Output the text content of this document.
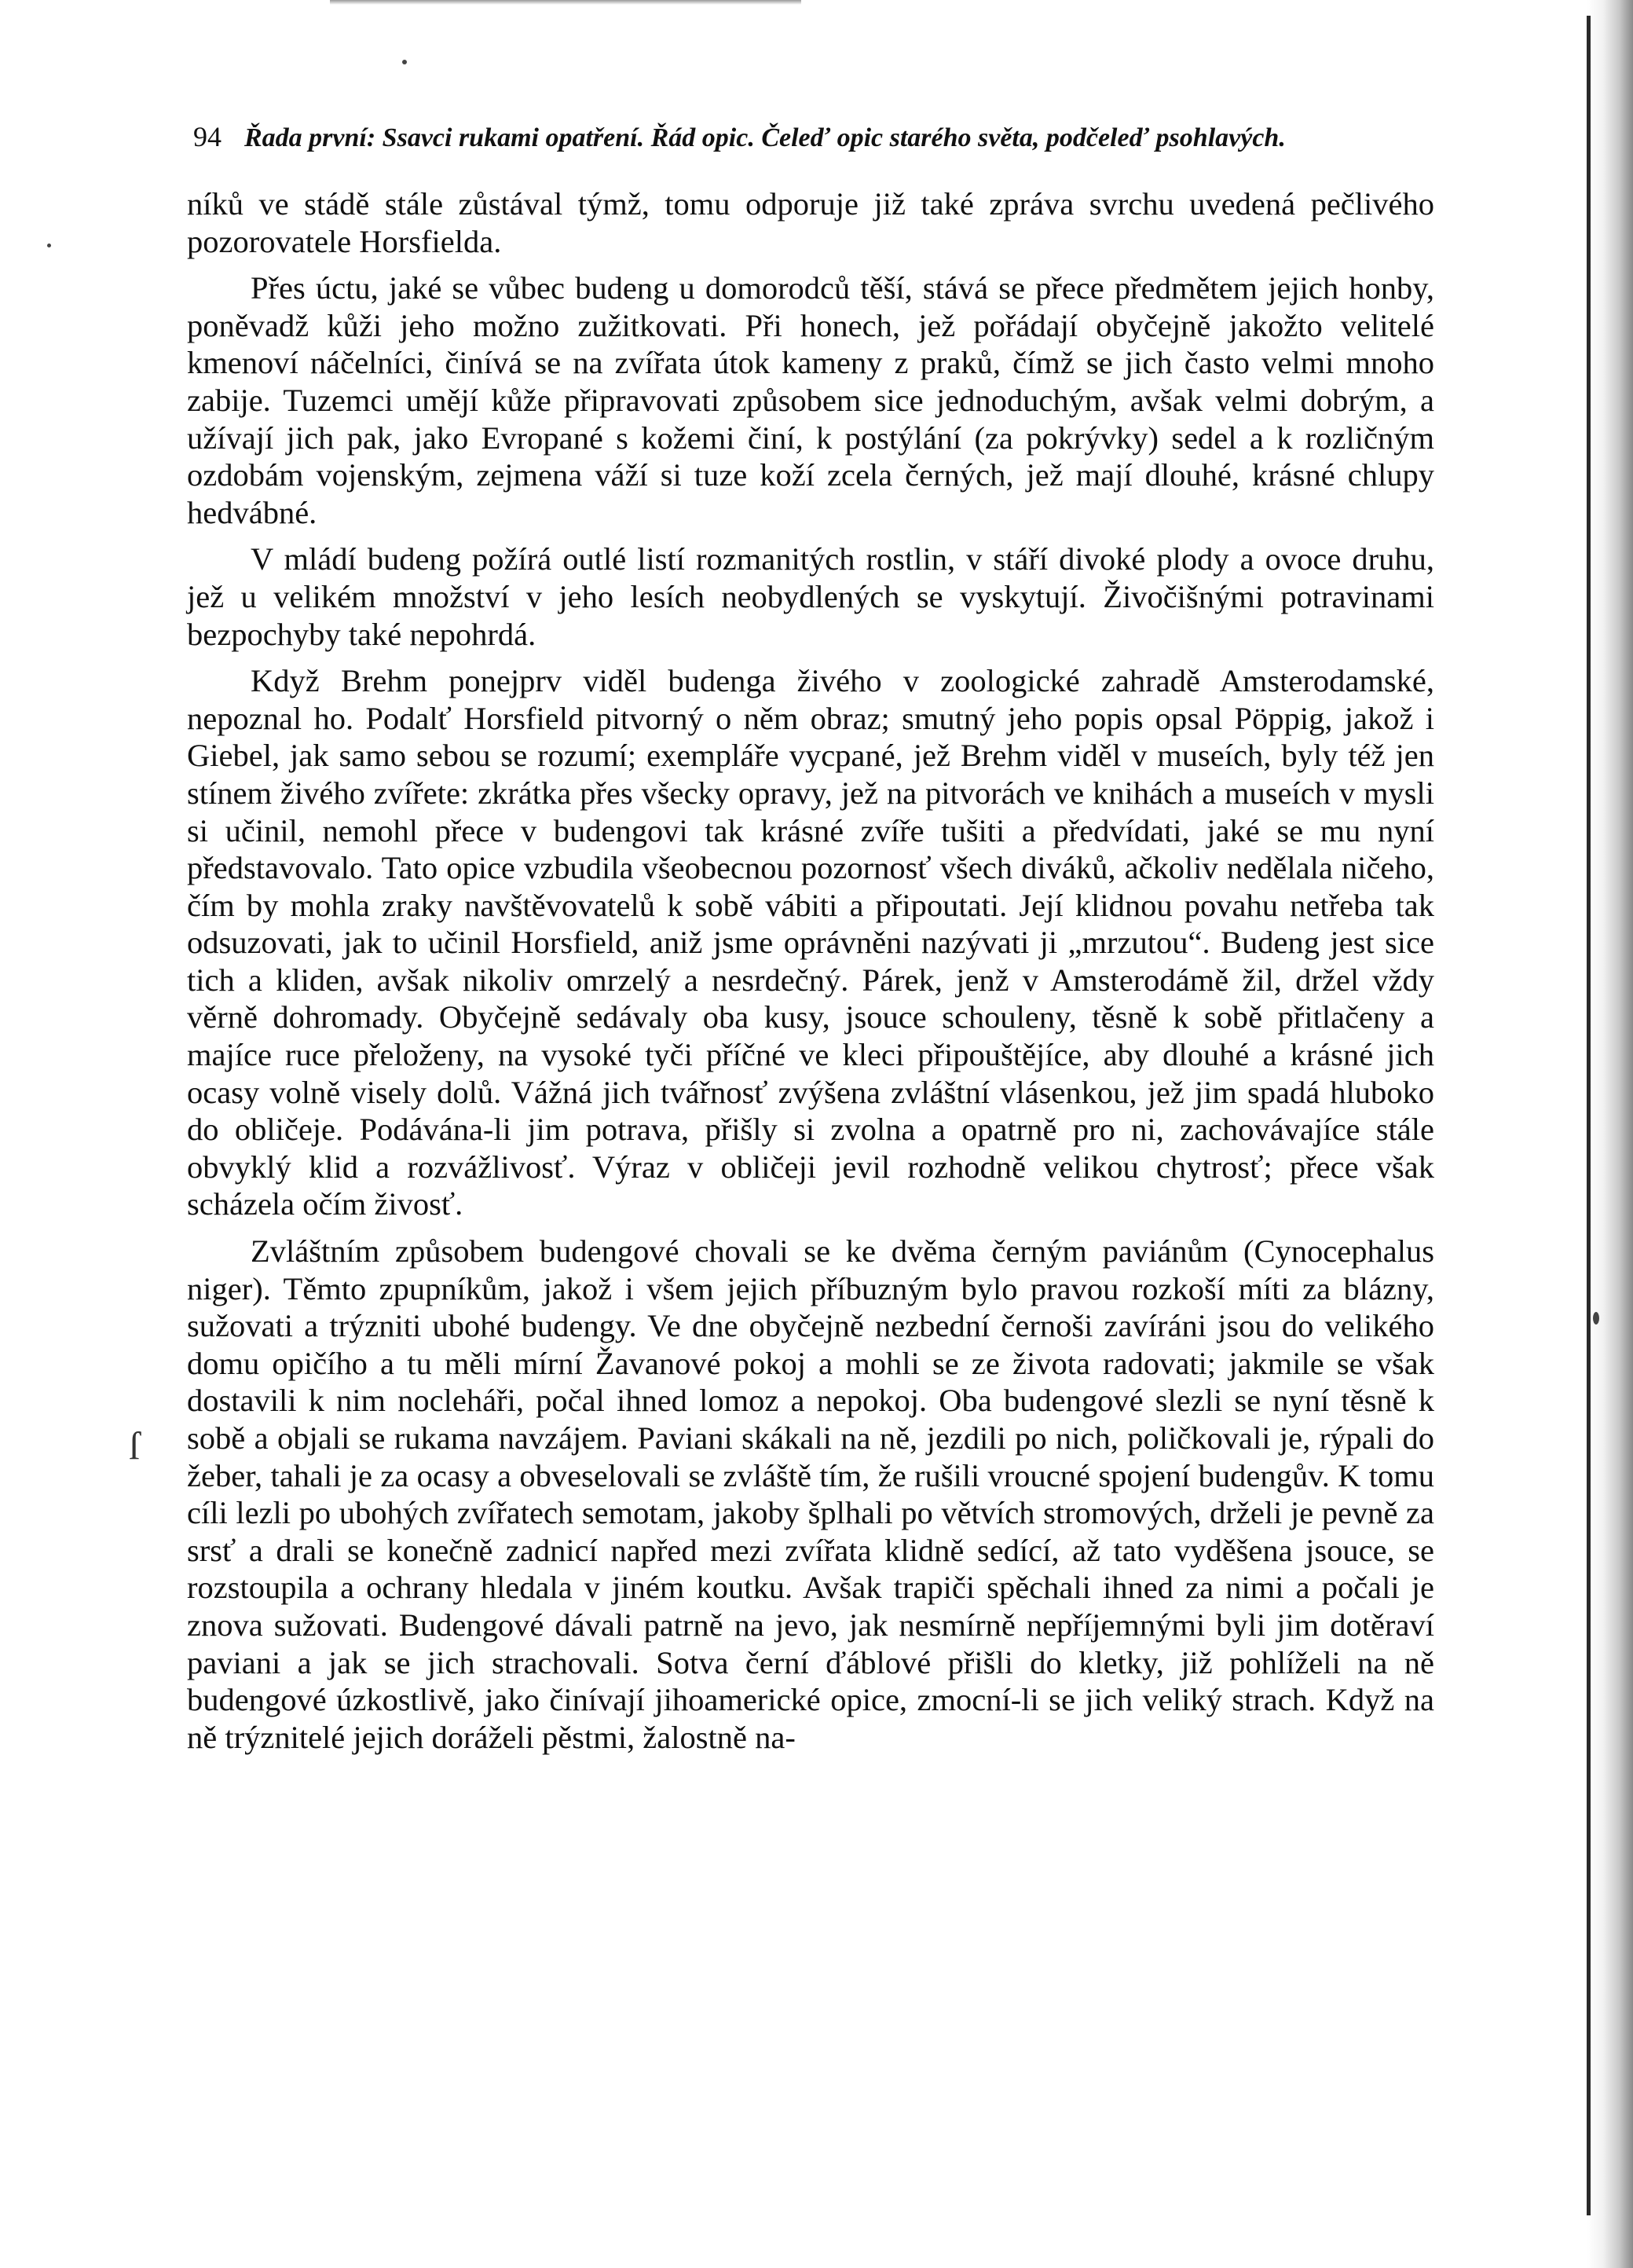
94 Řada první: Ssavci rukami opatření. Řád opic. Čeleď opic starého světa, podčeleď psohlavých.
ſ

níků ve stádě stále zůstával týmž, tomu odporuje již také zpráva svrchu uvedená pečlivého pozorovatele Horsfielda.

Přes úctu, jaké se vůbec budeng u domorodců těší, stává se přece předmětem jejich honby, poněvadž kůži jeho možno zužitkovati. Při honech, jež pořádají obyčejně jakožto velitelé kmenoví náčelníci, činívá se na zvířata útok kameny z praků, čímž se jich často velmi mnoho zabije. Tuzemci umějí kůže připravovati způsobem sice jednoduchým, avšak velmi dobrým, a užívají jich pak, jako Evropané s kožemi činí, k postýlání (za pokrývky) sedel a k rozličným ozdobám vojenským, zejmena váží si tuze koží zcela černých, jež mají dlouhé, krásné chlupy hedvábné.

V mládí budeng požírá outlé listí rozmanitých rostlin, v stáří divoké plody a ovoce druhu, jež u velikém množství v jeho lesích neobydlených se vyskytují. Živočišnými potravinami bezpochyby také nepohrdá.

Když Brehm ponejprv viděl budenga živého v zoologické zahradě Amsterodamské, nepoznal ho. Podalť Horsfield pitvorný o něm obraz; smutný jeho popis opsal Pöppig, jakož i Giebel, jak samo sebou se rozumí; exempláře vycpané, jež Brehm viděl v museích, byly též jen stínem živého zvířete: zkrátka přes všecky opravy, jež na pitvorách ve knihách a museích v mysli si učinil, nemohl přece v budengovi tak krásné zvíře tušiti a předvídati, jaké se mu nyní představovalo. Tato opice vzbudila všeobecnou pozornosť všech diváků, ačkoliv nedělala ničeho, čím by mohla zraky navštěvovatelů k sobě vábiti a připoutati. Její klidnou povahu netřeba tak odsuzovati, jak to učinil Horsfield, aniž jsme oprávněni nazývati ji „mrzutou“. Budeng jest sice tich a kliden, avšak nikoliv omrzelý a nesrdečný. Párek, jenž v Amsterodámě žil, držel vždy věrně dohromady. Obyčejně sedávaly oba kusy, jsouce schouleny, těsně k sobě přitlačeny a majíce ruce přeloženy, na vysoké tyči příčné ve kleci připouštějíce, aby dlouhé a krásné jich ocasy volně visely dolů. Vážná jich tvářnosť zvýšena zvláštní vlásenkou, jež jim spadá hluboko do obličeje. Podávána-li jim potrava, přišly si zvolna a opatrně pro ni, zachovávajíce stále obvyklý klid a rozvážlivosť. Výraz v obličeji jevil rozhodně velikou chytrosť; přece však scházela očím živosť.

Zvláštním způsobem budengové chovali se ke dvěma černým paviánům (Cynocephalus niger). Těmto zpupníkům, jakož i všem jejich příbuzným bylo pravou rozkoší míti za blázny, sužovati a trýzniti ubohé budengy. Ve dne obyčejně nezbední černoši zavíráni jsou do velikého domu opičího a tu měli mírní Žavanové pokoj a mohli se ze života radovati; jakmile se však dostavili k nim nocleháři, počal ihned lomoz a nepokoj. Oba budengové slezli se nyní těsně k sobě a objali se rukama navzájem. Paviani skákali na ně, jezdili po nich, poličkovali je, rýpali do žeber, tahali je za ocasy a obveselovali se zvláště tím, že rušili vroucné spojení budengův. K tomu cíli lezli po ubohých zvířatech semotam, jakoby šplhali po větvích stromových, drželi je pevně za srsť a drali se konečně zadnicí napřed mezi zvířata klidně sedící, až tato vyděšena jsouce, se rozstoupila a ochrany hledala v jiném koutku. Avšak trapiči spěchali ihned za nimi a počali je znova sužovati. Budengové dávali patrně na jevo, jak nesmírně nepříjemnými byli jim dotěraví paviani a jak se jich strachovali. Sotva černí ďáblové přišli do kletky, již pohlíželi na ně budengové úzkostlivě, jako činívají jihoamerické opice, zmocní-li se jich veliký strach. Když na ně trýznitelé jejich doráželi pěstmi, žalostně na-
